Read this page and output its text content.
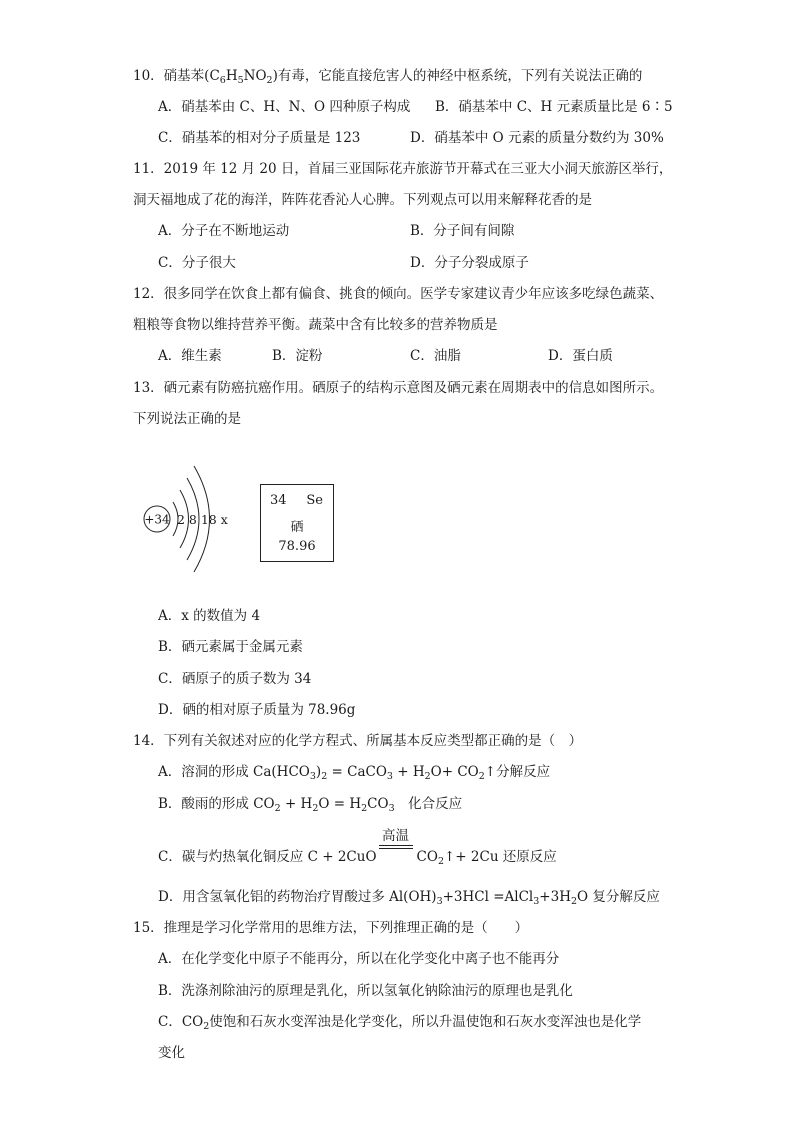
10．硝基苯$(C_6H_5NO_2)$有毒，它能直接危害人的神经中枢系统，下列有关说法正确的
A．硝基苯由 C、H、N、O 四种原子构成 B．硝基苯中 C、H 元素质量比是 6∶5
C．硝基苯的相对分子质量是 123	D．硝基苯中 O 元素的质量分数约为 30%
11．2019 年 12 月 20 日，首届三亚国际花卉旅游节开幕式在三亚大小洞天旅游区举行，
洞天福地成了花的海洋，阵阵花香沁人心脾。下列观点可以用来解释花香的是
A．分子在不断地运动	B．分子间有间隙
C．分子很大	D．分子分裂成原子
12．很多同学在饮食上都有偏食、挑食的倾向。医学专家建议青少年应该多吃绿色蔬菜、
粗粮等食物以维持营养平衡。蔬菜中含有比较多的营养物质是
A．维生素	B．淀粉	C．油脂	D．蛋白质
13．硒元素有防癌抗癌作用。硒原子的结构示意图及硒元素在周期表中的信息如图所示。
下列说法正确的是
+34 2 8 18 x
34 Se
硒
78.96
A．x 的数值为 4
B．硒元素属于金属元素
C．硒原子的质子数为 34
D．硒的相对原子质量为 78.96g
14．下列有关叙述对应的化学方程式、所属基本反应类型都正确的是（　）
A．溶洞的形成 $Ca(HCO_3)_2$ = CaCO$_3$ + $H_2O+$ $CO_2↑$分解反应
B．酸雨的形成 $CO_2 + H_2O = H_2CO_3$　化合反应
C．碳与灼热氧化铜反应 C + 2CuO
高温
$CO_2↑+ 2Cu$ 还原反应
D．用含氢氧化铝的药物治疗胃酸过多 $Al(OH)_3+3HCl$ $=AlCl_3+3H_2O$ 复分解反应
15．推理是学习化学常用的思维方法，下列推理正确的是（　　）
A．在化学变化中原子不能再分，所以在化学变化中离子也不能再分
B．洗涤剂除油污的原理是乳化，所以氢氧化钠除油污的原理也是乳化
C．$CO_2$使饱和石灰水变浑浊是化学变化，所以升温使饱和石灰水变浑浊也是化学
变化
